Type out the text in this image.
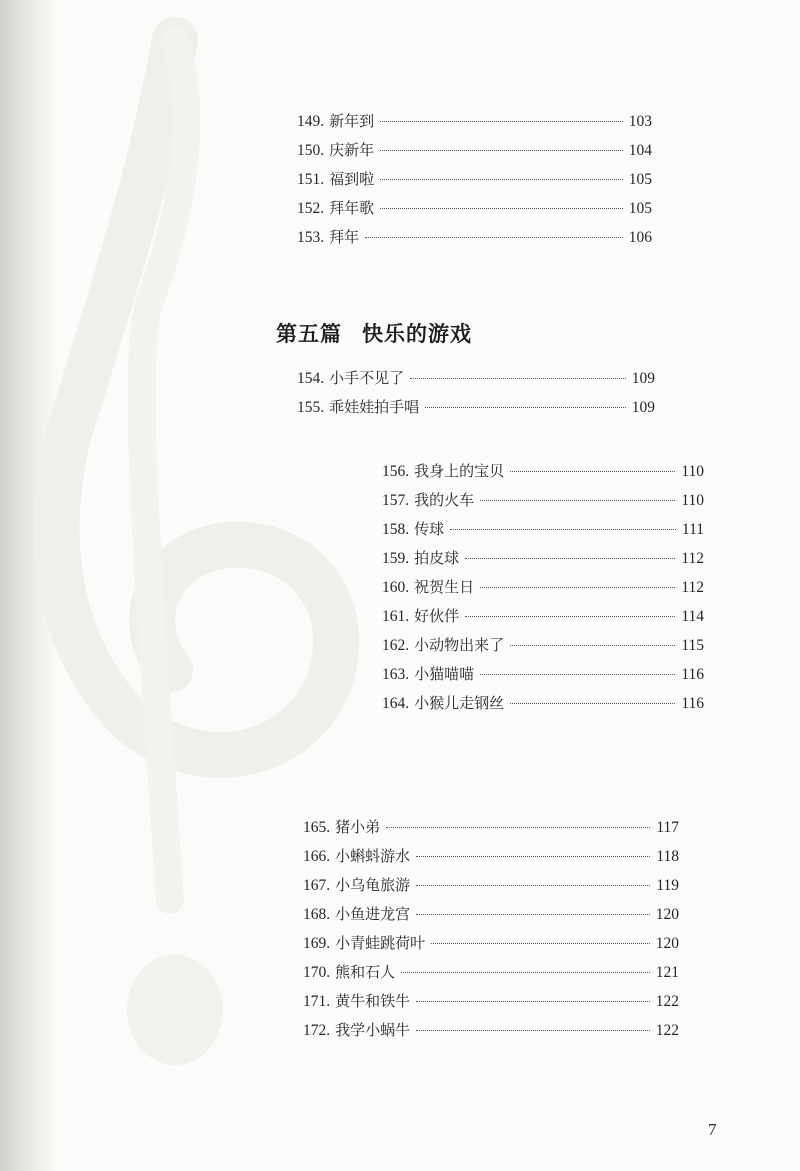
149. 新年到	103
150. 庆新年	104
151. 福到啦	105
152. 拜年歌	105
153. 拜年	106
第五篇 快乐的游戏
154. 小手不见了	109
155. 乖娃娃拍手唱	109
156. 我身上的宝贝	110
157. 我的火车	110
158. 传球	111
159. 拍皮球	112
160. 祝贺生日	112
161. 好伙伴	114
162. 小动物出来了	115
163. 小猫喵喵	116
164. 小猴儿走钢丝	116
165. 猪小弟	117
166. 小蝌蚪游水	118
167. 小乌龟旅游	119
168. 小鱼进龙宫	120
169. 小青蛙跳荷叶	120
170. 熊和石人	121
171. 黄牛和铁牛	122
172. 我学小蜗牛	122
7
